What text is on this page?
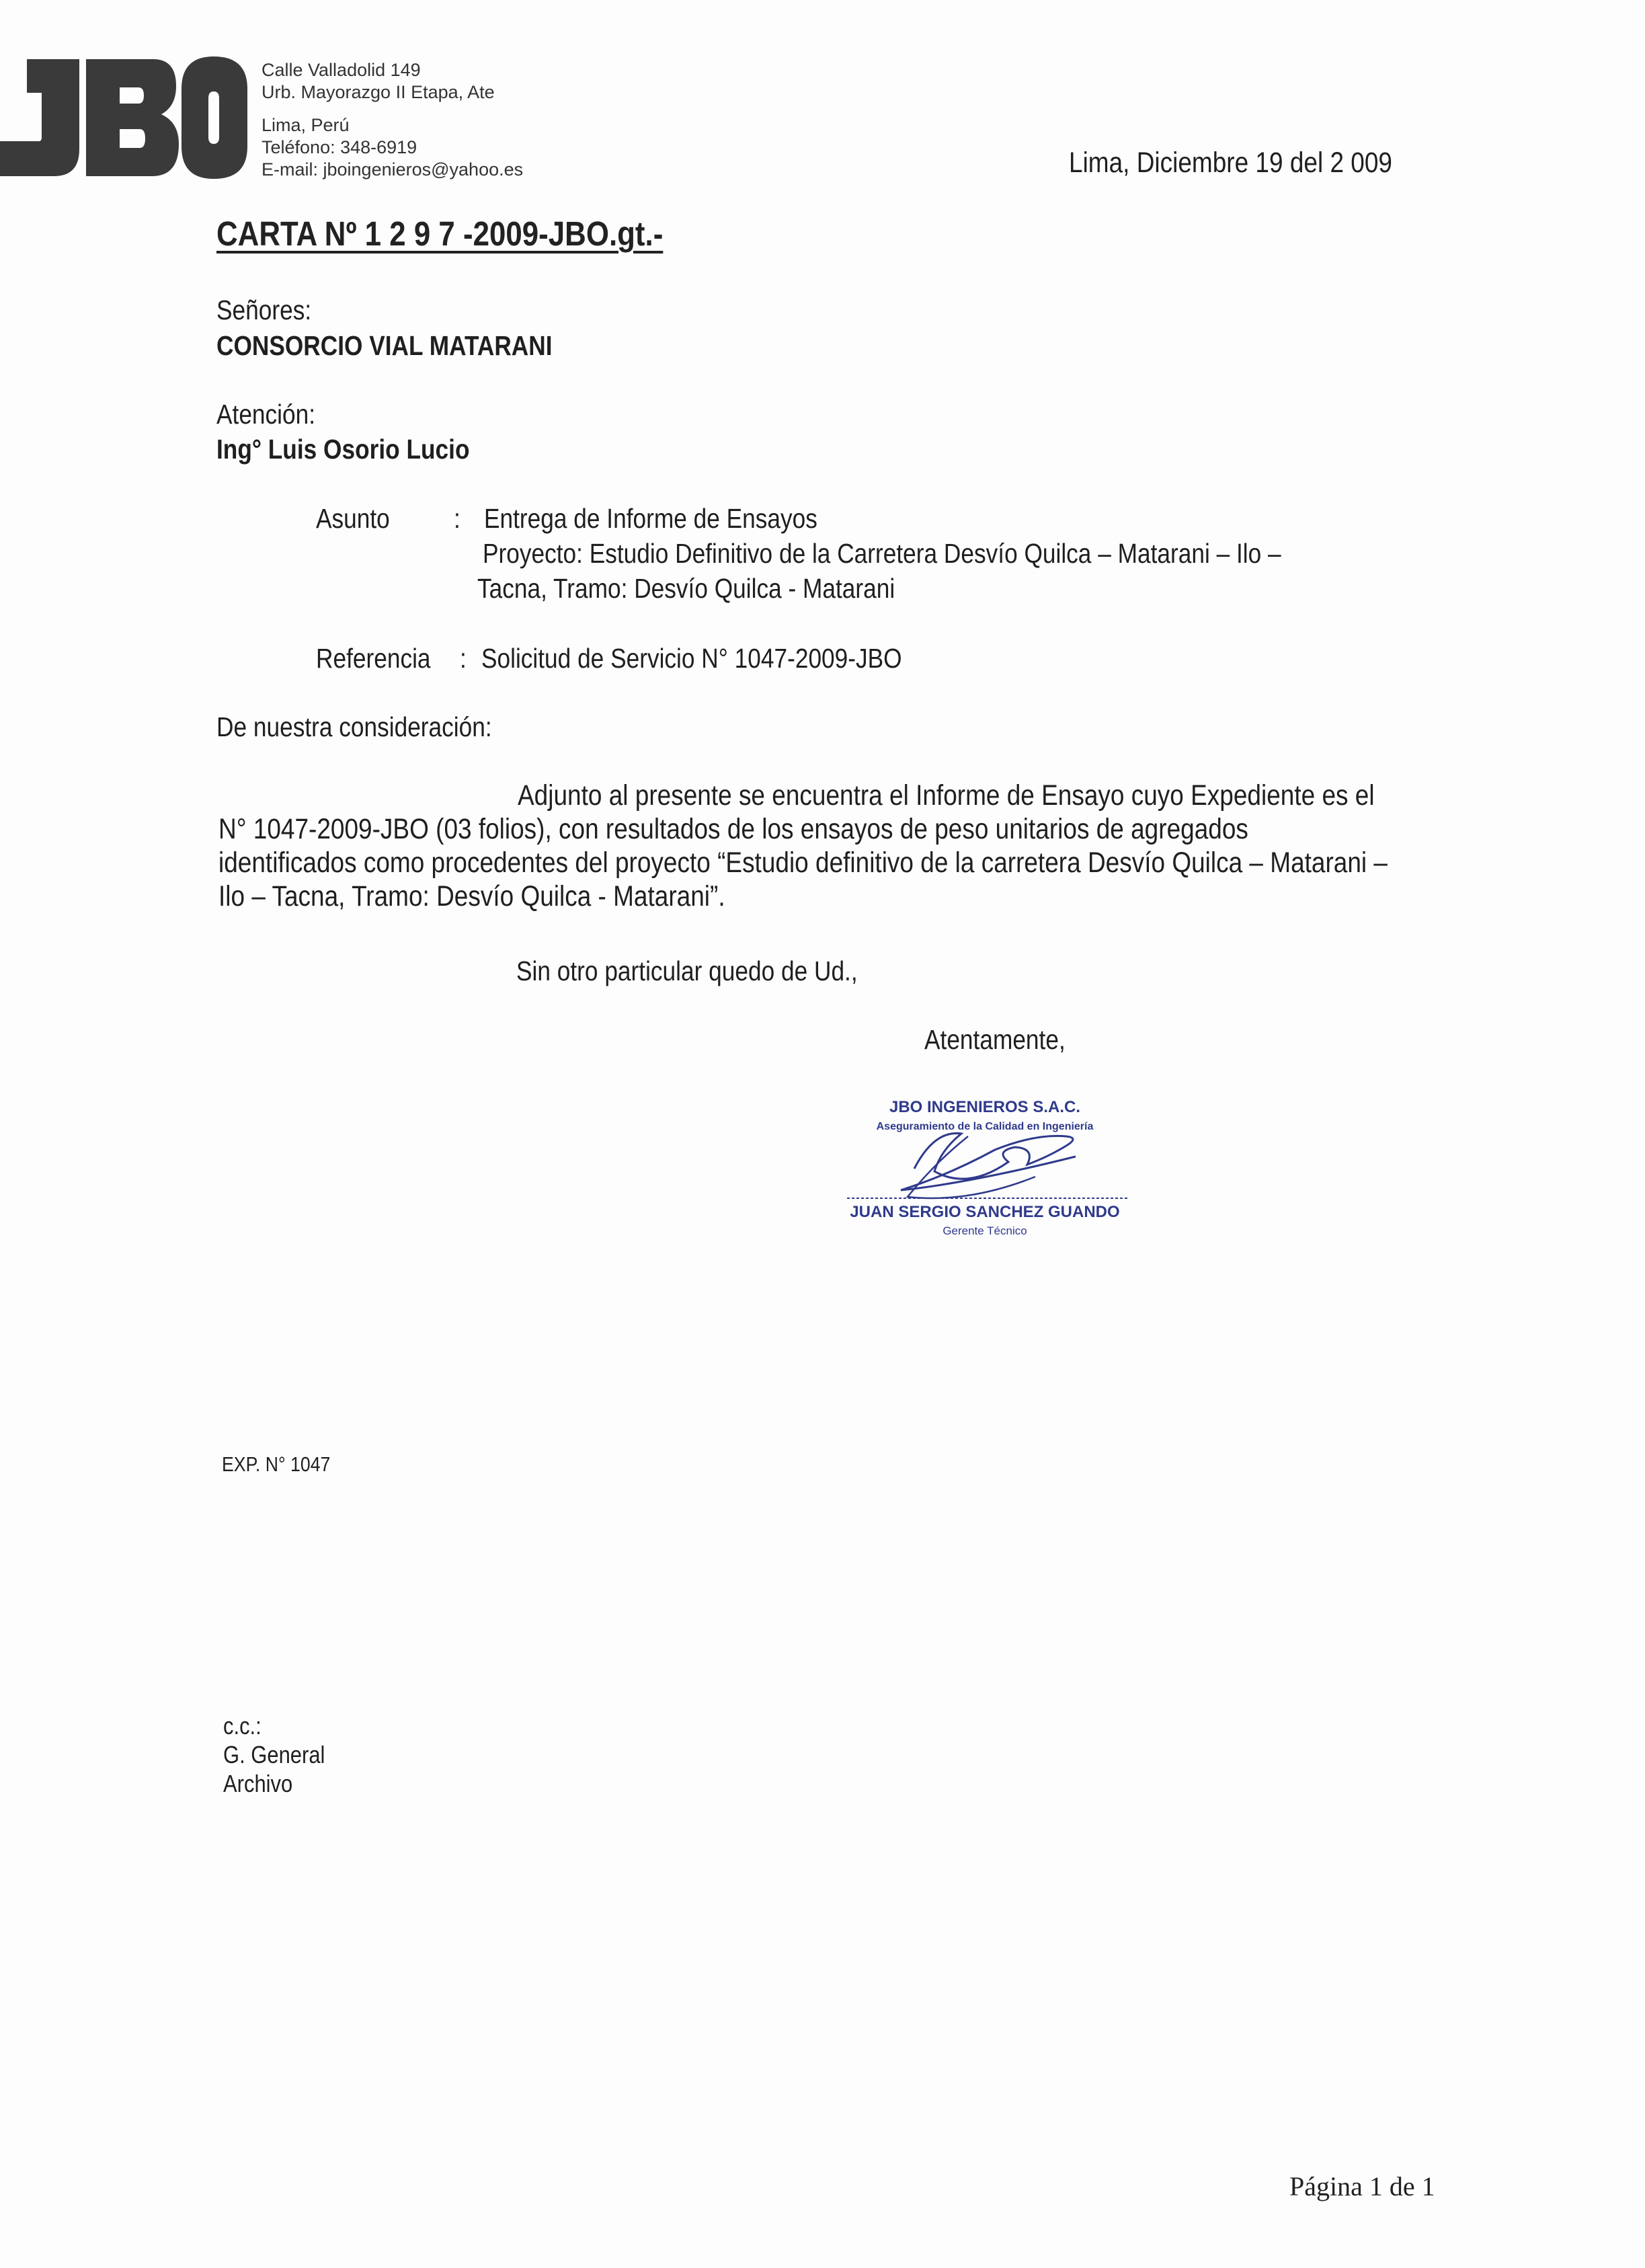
Calle Valladolid 149
Urb. Mayorazgo II Etapa, Ate
Lima, Perú
Teléfono: 348-6919
E-mail: jboingenieros@yahoo.es	Lima, Diciembre 19 del 2 009
CARTA Nº 1 2 9 7 -2009-JBO.gt.-
Señores:
CONSORCIO VIAL MATARANI
Atención:
Ing° Luis Osorio Lucio
Asunto : Entrega de Informe de Ensayos
Proyecto: Estudio Definitivo de la Carretera Desvío Quilca – Matarani – Ilo –
Tacna, Tramo: Desvío Quilca - Matarani
Referencia : Solicitud de Servicio N° 1047-2009-JBO
De nuestra consideración:
Adjunto al presente se encuentra el Informe de Ensayo cuyo Expediente es el
N° 1047-2009-JBO (03 folios), con resultados de los ensayos de peso unitarios de agregados
identificados como procedentes del proyecto “Estudio definitivo de la carretera Desvío Quilca – Matarani –
Ilo – Tacna, Tramo: Desvío Quilca - Matarani”.
Sin otro particular quedo de Ud.,
Atentamente,
JBO INGENIEROS S.A.C.
Aseguramiento de la Calidad en Ingeniería
JUAN SERGIO SANCHEZ GUANDO
Gerente Técnico
EXP. N° 1047
c.c.:
G. General
Archivo
Página 1 de 1
